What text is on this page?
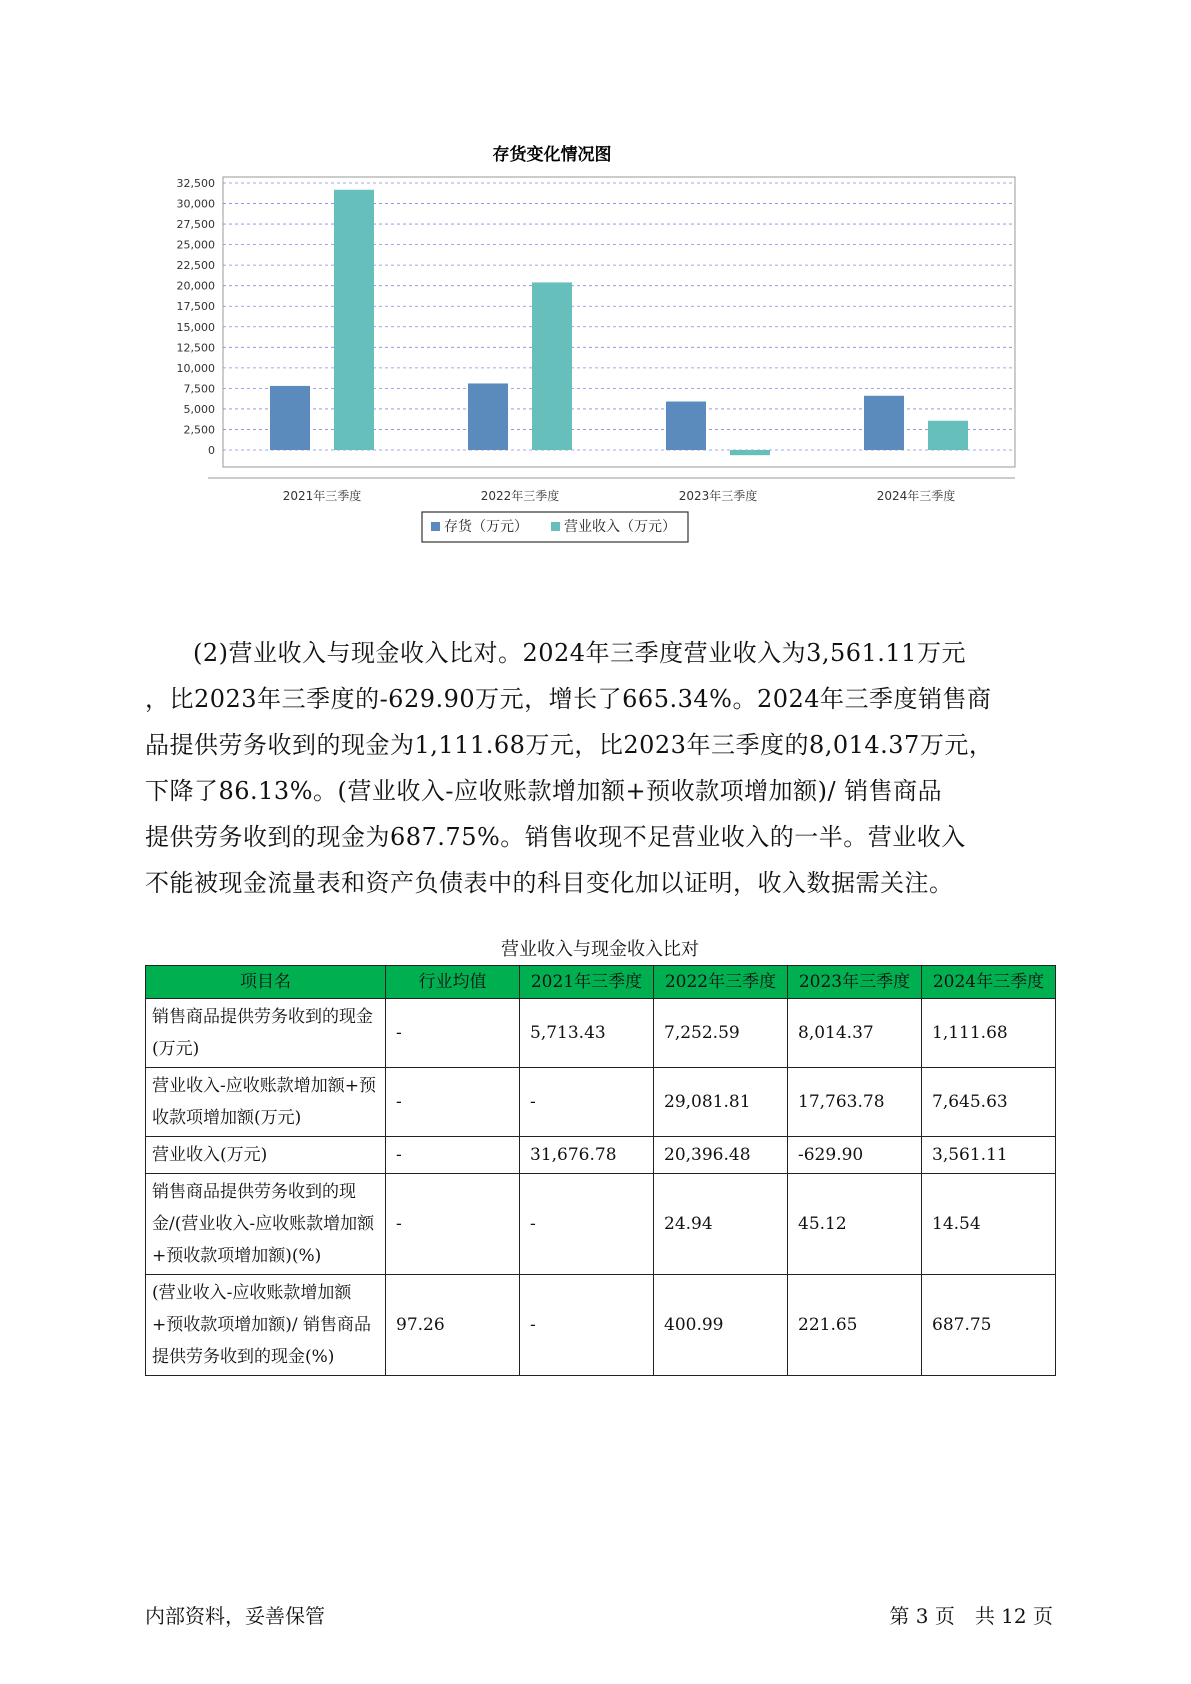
存货变化情况图
32,500
30,000
27,500
25,000
22,500
20,000
17,500
15,000
12,500
10,000
7,500
5,000
2,500
0
2021年三季度	2022年三季度	2023年三季度	2024年三季度
存货（万元）	营业收入（万元）

(2)营业收入与现金收入比对。2024年三季度营业收入为3,561.11万元

，比2023年三季度的-629.90万元，增长了665.34%。2024年三季度销售商

品提供劳务收到的现金为1,111.68万元，比2023年三季度的8,014.37万元，

下降了86.13%。(营业收入-应收账款增加额+预收款项增加额)/ 销售商品

提供劳务收到的现金为687.75%。销售收现不足营业收入的一半。营业收入

不能被现金流量表和资产负债表中的科目变化加以证明，收入数据需关注。

营业收入与现金收入比对
项目名	行业均值	2021年三季度	2022年三季度	2023年三季度	2024年三季度
销售商品提供劳务收到的现金(万元)	-	5,713.43	7,252.59	8,014.37	1,111.68
营业收入-应收账款增加额+预收款项增加额(万元)	-	-	29,081.81	17,763.78	7,645.63
营业收入(万元)	-	31,676.78	20,396.48	-629.90	3,561.11
销售商品提供劳务收到的现金/(营业收入-应收账款增加额+预收款项增加额)(%)	-	-	24.94	45.12	14.54
(营业收入-应收账款增加额+预收款项增加额)/ 销售商品提供劳务收到的现金(%)	97.26	-	400.99	221.65	687.75
内部资料，妥善保管	第 3 页　共 12 页
